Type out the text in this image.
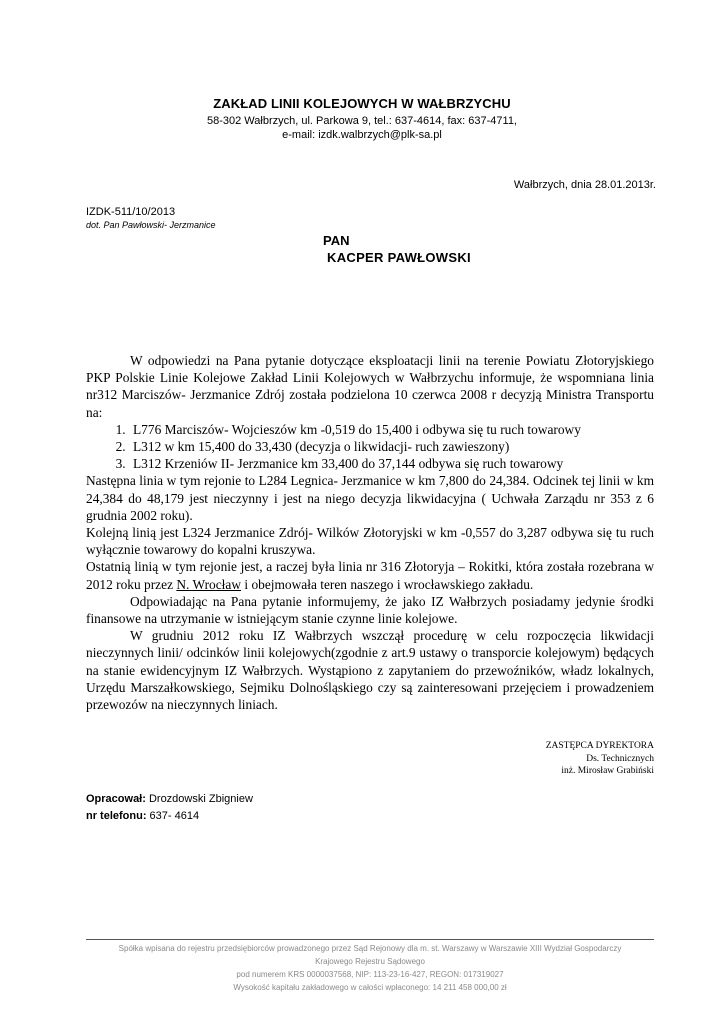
ZAKŁAD LINII KOLEJOWYCH W WAŁBRZYCHU
58-302 Wałbrzych, ul. Parkowa 9, tel.: 637-4614, fax: 637-4711,
e-mail: izdk.walbrzych@plk-sa.pl
Wałbrzych, dnia 28.01.2013r.
IZDK-511/10/2013
dot. Pan Pawłowski- Jerzmanice
PAN
KACPER PAWŁOWSKI

W odpowiedzi na Pana pytanie dotyczące eksploatacji linii na terenie Powiatu Złotoryjskiego PKP Polskie Linie Kolejowe Zakład Linii Kolejowych w Wałbrzychu informuje, że wspomniana linia nr312 Marciszów- Jerzmanice Zdrój została podzielona 10 czerwca 2008 r decyzją Ministra Transportu na:

1. L776 Marciszów- Wojcieszów km -0,519 do 15,400 i odbywa się tu ruch towarowy
2. L312 w km 15,400 do 33,430 (decyzja o likwidacji- ruch zawieszony)
3. L312 Krzeniów II- Jerzmanice km 33,400 do 37,144 odbywa się ruch towarowy

Następna linia w tym rejonie to L284 Legnica- Jerzmanice w km 7,800 do 24,384. Odcinek tej linii w km 24,384 do 48,179 jest nieczynny i jest na niego decyzja likwidacyjna ( Uchwała Zarządu nr 353 z 6 grudnia 2002 roku).

Kolejną linią jest L324 Jerzmanice Zdrój- Wilków Złotoryjski w km -0,557 do 3,287 odbywa się tu ruch wyłącznie towarowy do kopalni kruszywa.

Ostatnią linią w tym rejonie jest, a raczej była linia nr 316 Złotoryja – Rokitki, która została rozebrana w 2012 roku przez N. Wrocław i obejmowała teren naszego i wrocławskiego zakładu.

Odpowiadając na Pana pytanie informujemy, że jako IZ Wałbrzych posiadamy jedynie środki finansowe na utrzymanie w istniejącym stanie czynne linie kolejowe.

W grudniu 2012 roku IZ Wałbrzych wszczął procedurę w celu rozpoczęcia likwidacji nieczynnych linii/ odcinków linii kolejowych(zgodnie z art.9 ustawy o transporcie kolejowym) będących na stanie ewidencyjnym IZ Wałbrzych. Wystąpiono z zapytaniem do przewoźników, władz lokalnych, Urzędu Marszałkowskiego, Sejmiku Dolnośląskiego czy są zainteresowani przejęciem i prowadzeniem przewozów na nieczynnych liniach.

ZASTĘPCA DYREKTORA
Ds. Technicznych
inż. Mirosław Grabiński
Opracował: Drozdowski Zbigniew
nr telefonu: 637- 4614
Spółka wpisana do rejestru przedsiębiorców prowadzonego przez Sąd Rejonowy dla m. st. Warszawy w Warszawie XIII Wydział Gospodarczy
Krajowego Rejestru Sądowego
pod numerem KRS 0000037568, NIP: 113-23-16-427, REGON: 017319027
Wysokość kapitału zakładowego w całości wpłaconego: 14 211 458 000,00 zł
